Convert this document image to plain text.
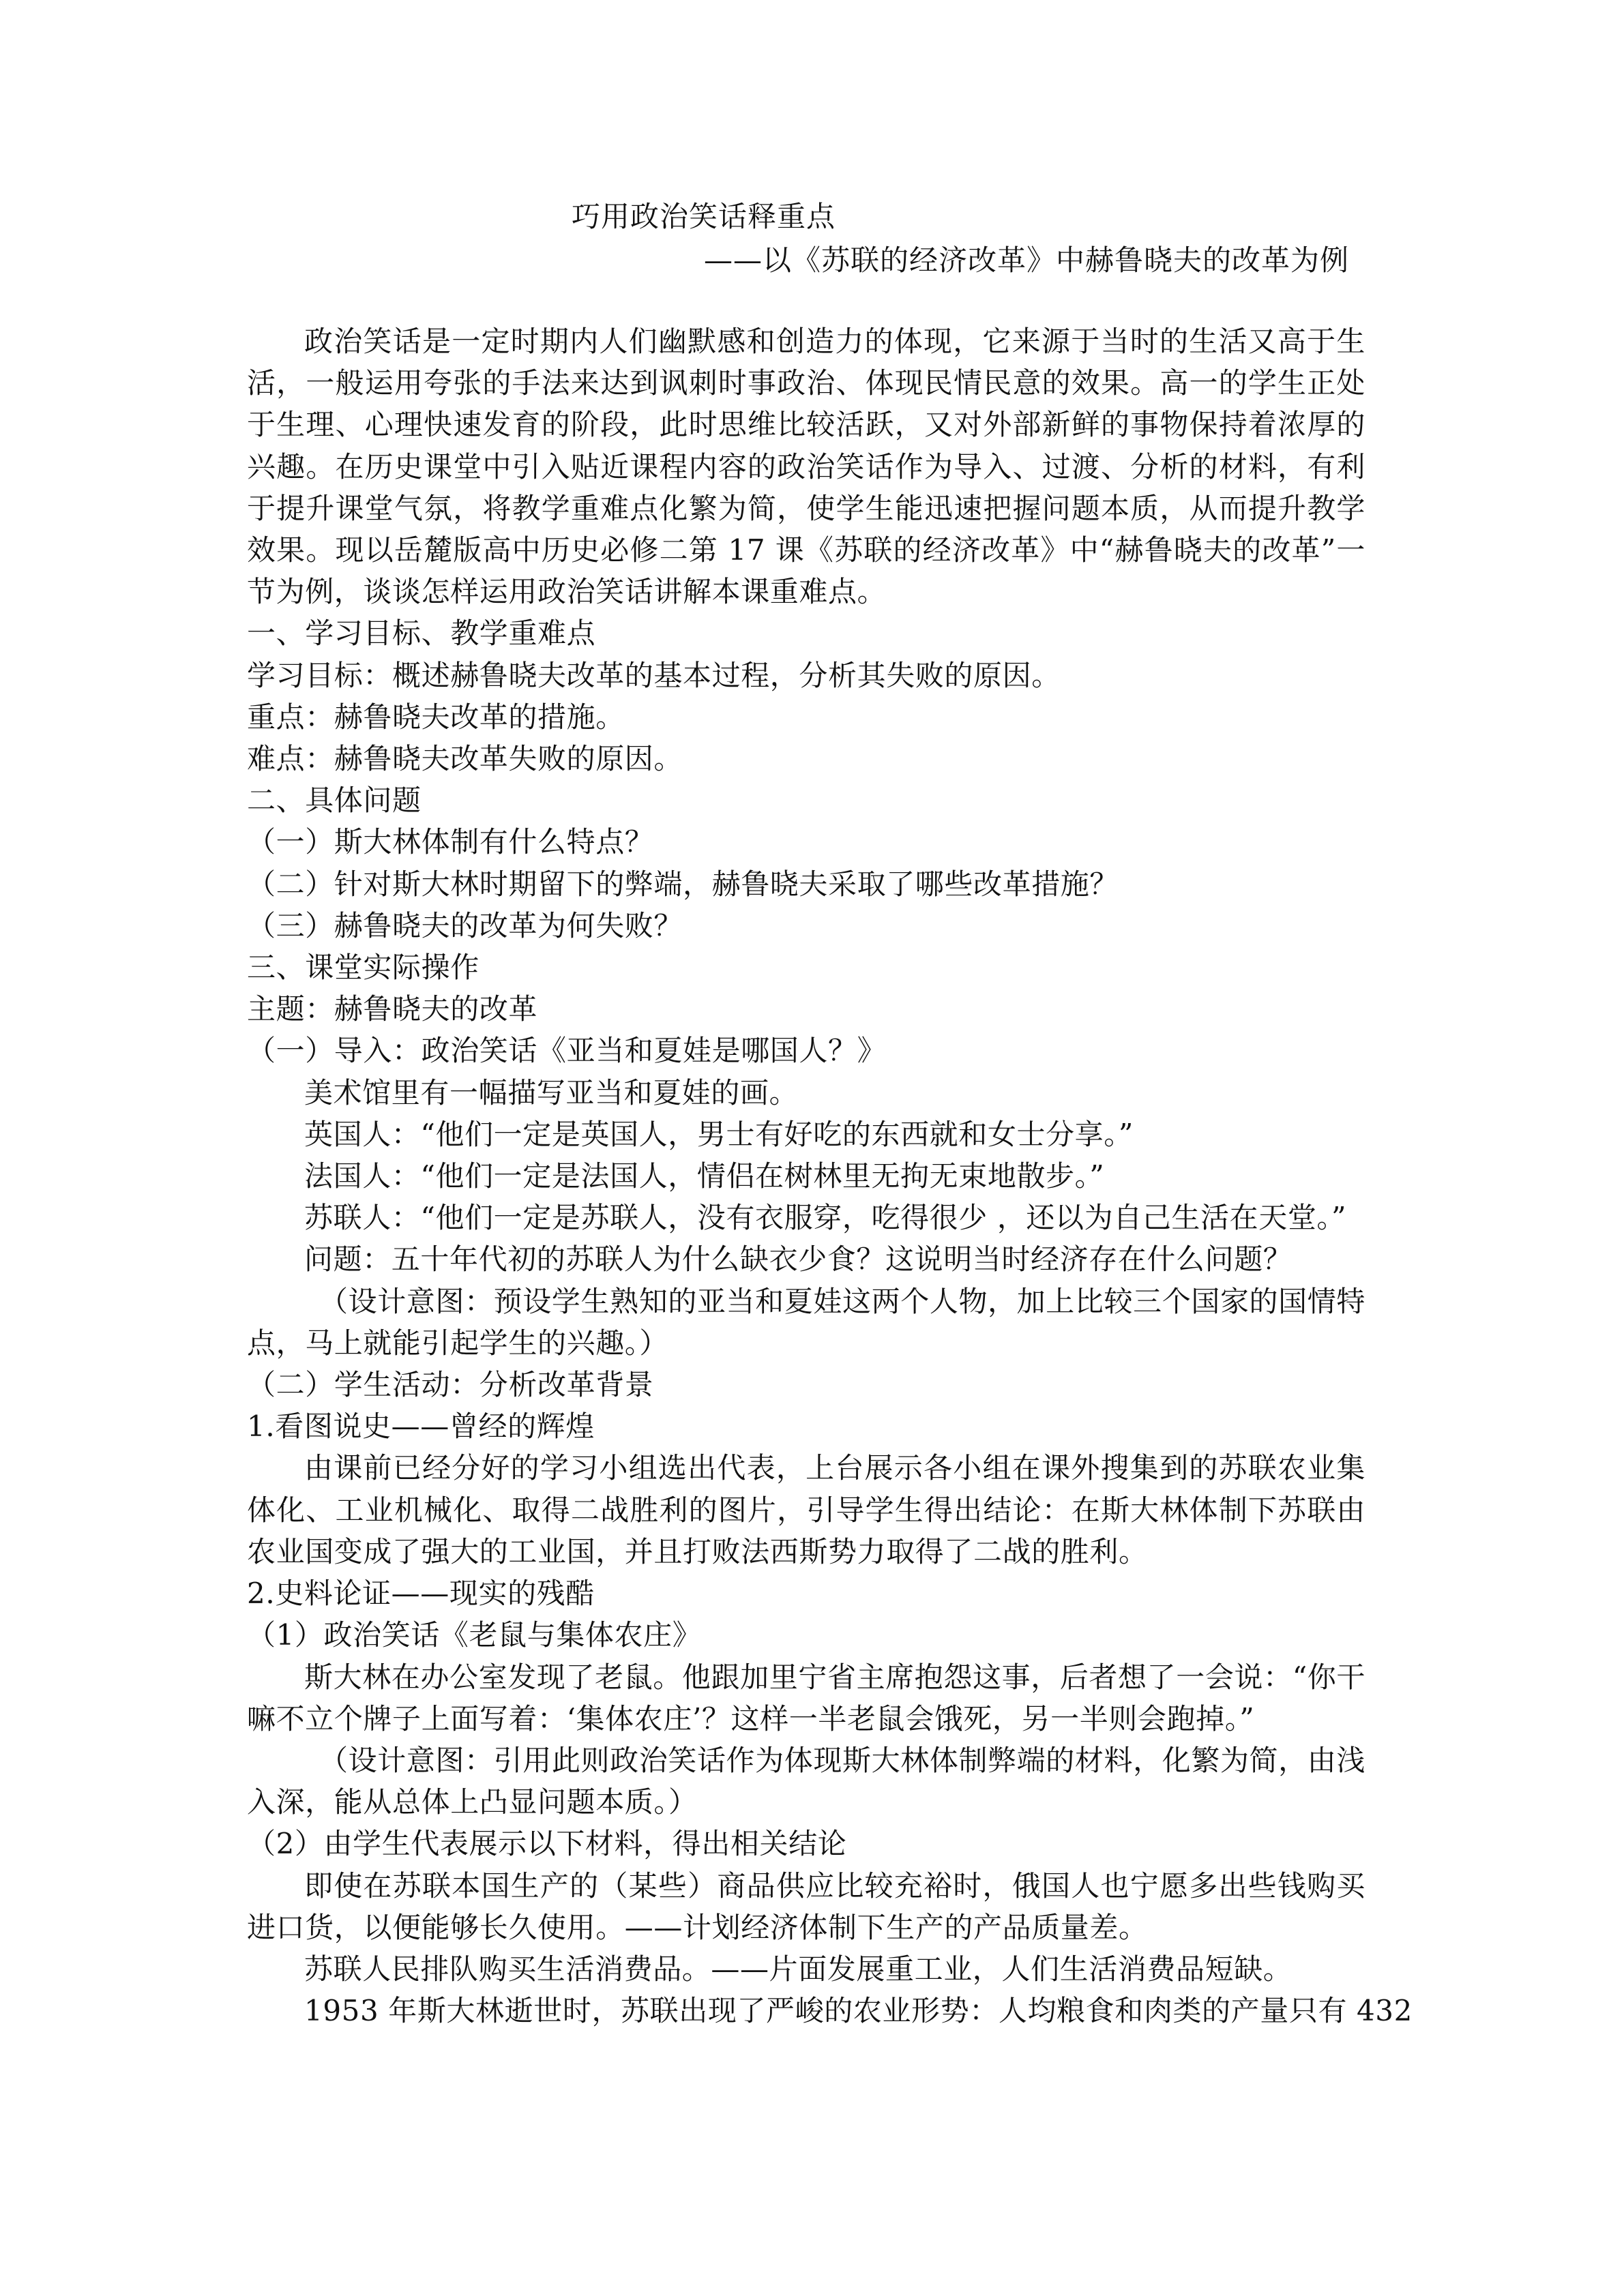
巧用政治笑话释重点
——以《苏联的经济改革》中赫鲁晓夫的改革为例

政治笑话是一定时期内人们幽默感和创造力的体现，它来源于当时的生活又高于生活，一般运用夸张的手法来达到讽刺时事政治、体现民情民意的效果。高一的学生正处于生理、心理快速发育的阶段，此时思维比较活跃，又对外部新鲜的事物保持着浓厚的兴趣。在历史课堂中引入贴近课程内容的政治笑话作为导入、过渡、分析的材料，有利于提升课堂气氛，将教学重难点化繁为简，使学生能迅速把握问题本质，从而提升教学效果。现以岳麓版高中历史必修二第 17 课《苏联的经济改革》中“赫鲁晓夫的改革”一节为例，谈谈怎样运用政治笑话讲解本课重难点。

一、学习目标、教学重难点

学习目标：概述赫鲁晓夫改革的基本过程，分析其失败的原因。

重点：赫鲁晓夫改革的措施。

难点：赫鲁晓夫改革失败的原因。

二、具体问题

（一）斯大林体制有什么特点？

（二）针对斯大林时期留下的弊端，赫鲁晓夫采取了哪些改革措施？

（三）赫鲁晓夫的改革为何失败？

三、课堂实际操作

主题：赫鲁晓夫的改革

（一）导入：政治笑话《亚当和夏娃是哪国人？》

美术馆里有一幅描写亚当和夏娃的画。

英国人：“他们一定是英国人，男士有好吃的东西就和女士分享。”

法国人：“他们一定是法国人，情侣在树林里无拘无束地散步。”

苏联人：“他们一定是苏联人，没有衣服穿，吃得很少 ，还以为自己生活在天堂。”

问题：五十年代初的苏联人为什么缺衣少食？这说明当时经济存在什么问题？

（设计意图：预设学生熟知的亚当和夏娃这两个人物，加上比较三个国家的国情特点，马上就能引起学生的兴趣。）

（二）学生活动：分析改革背景

1.看图说史——曾经的辉煌

由课前已经分好的学习小组选出代表，上台展示各小组在课外搜集到的苏联农业集体化、工业机械化、取得二战胜利的图片，引导学生得出结论：在斯大林体制下苏联由农业国变成了强大的工业国，并且打败法西斯势力取得了二战的胜利。

2.史料论证——现实的残酷

（1）政治笑话《老鼠与集体农庄》

斯大林在办公室发现了老鼠。他跟加里宁省主席抱怨这事，后者想了一会说：“你干嘛不立个牌子上面写着：‘集体农庄’？这样一半老鼠会饿死，另一半则会跑掉。”

（设计意图：引用此则政治笑话作为体现斯大林体制弊端的材料，化繁为简，由浅入深，能从总体上凸显问题本质。）

（2）由学生代表展示以下材料，得出相关结论

即使在苏联本国生产的（某些）商品供应比较充裕时，俄国人也宁愿多出些钱购买进口货，以便能够长久使用。——计划经济体制下生产的产品质量差。

苏联人民排队购买生活消费品。——片面发展重工业，人们生活消费品短缺。

1953 年斯大林逝世时，苏联出现了严峻的农业形势：人均粮食和肉类的产量只有 432
